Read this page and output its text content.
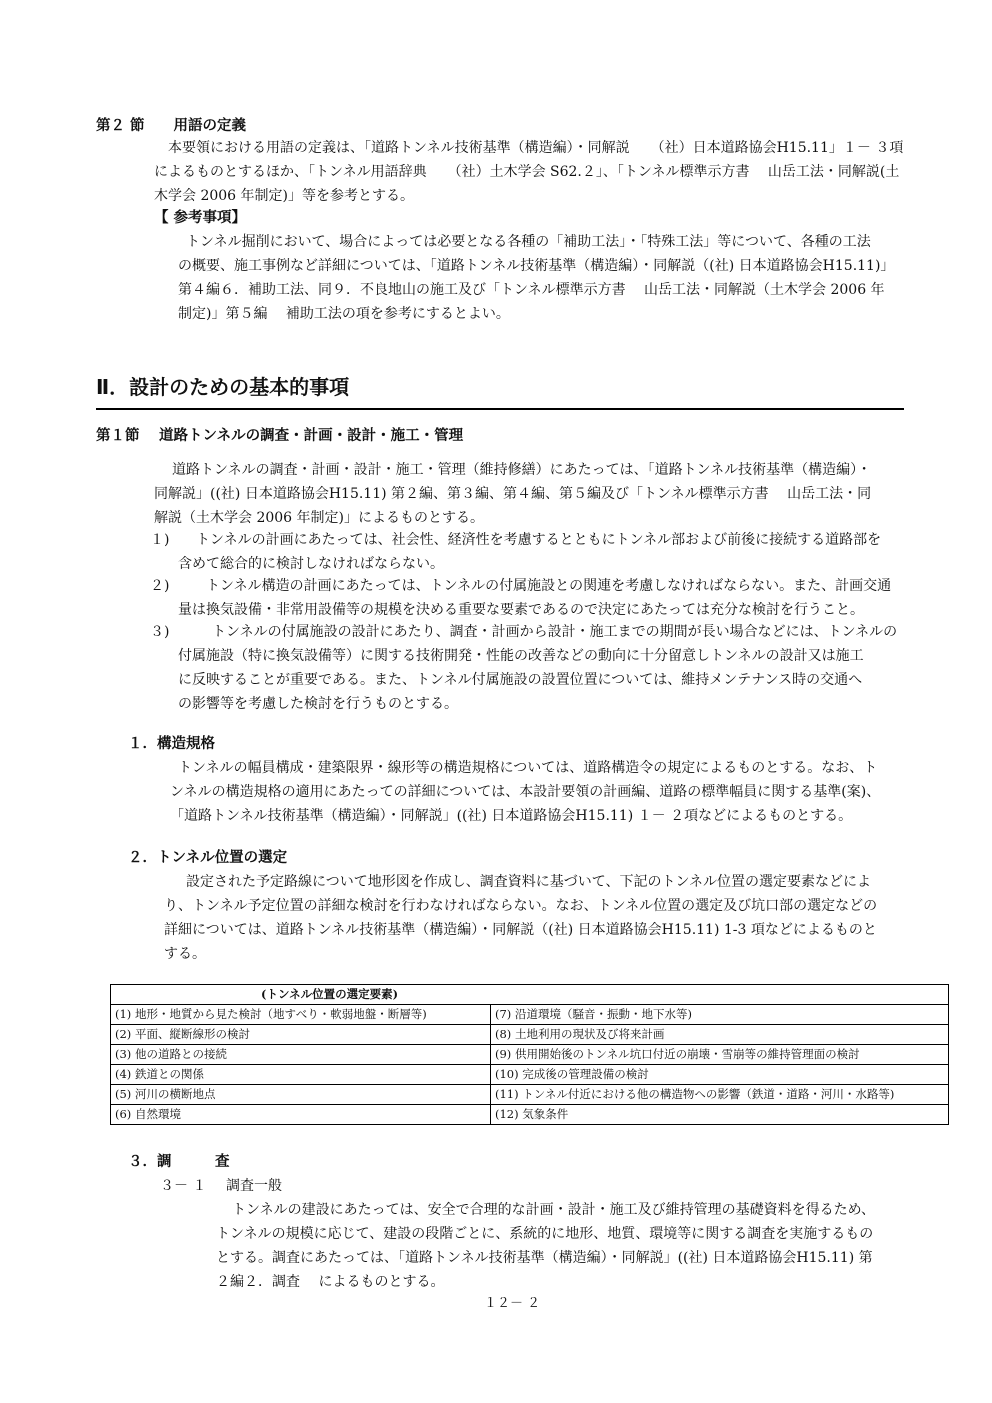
第２ 節　　用語の定義
本要領における用語の定義は、「道路トンネル技術基準（構造編）・同解説　　（社）日本道路協会H15.11」１－ ３項
によるものとするほか、「トンネル用語辞典　　（社）土木学会 S62.２」、「トンネル標準示方書　 山岳工法・同解説(土
木学会 2006 年制定)」等を参考とする。
【 参考事項】
トンネル掘削において、場合によっては必要となる各種の「補助工法」・「特殊工法」等について、各種の工法
の概要、施工事例など詳細については、「道路トンネル技術基準（構造編）・同解説（(社) 日本道路協会H15.11)」
第４編６．補助工法、同９．不良地山の施工及び「トンネル標準示方書　 山岳工法・同解説（土木学会 2006 年
制定)」第５編　 補助工法の項を参考にするとよい。
Ⅱ．設計のための基本的事項
第１節　 道路トンネルの調査・計画・設計・施工・管理
道路トンネルの調査・計画・設計・施工・管理（維持修繕）にあたっては、「道路トンネル技術基準（構造編）・
同解説」((社) 日本道路協会H15.11) 第２編、第３編、第４編、第５編及び「トンネル標準示方書　 山岳工法・同
解説（土木学会 2006 年制定)」によるものとする。
１) トンネルの計画にあたっては、社会性、経済性を考慮するとともにトンネル部および前後に接続する道路部を
含めて総合的に検討しなければならない。
２)	トンネル構造の計画にあたっては、トンネルの付属施設との関連を考慮しなければならない。また、計画交通
量は換気設備・非常用設備等の規模を決める重要な要素であるので決定にあたっては充分な検討を行うこと。
３)	トンネルの付属施設の設計にあたり、調査・計画から設計・施工までの期間が長い場合などには、トンネルの
付属施設（特に換気設備等）に関する技術開発・性能の改善などの動向に十分留意しトンネルの設計又は施工
に反映することが重要である。また、トンネル付属施設の設置位置については、維持メンテナンス時の交通へ
の影響等を考慮した検討を行うものとする。
１．構造規格
トンネルの幅員構成・建築限界・線形等の構造規格については、道路構造令の規定によるものとする。なお、ト
ンネルの構造規格の適用にあたっての詳細については、本設計要領の計画編、道路の標準幅員に関する基準(案)、
「道路トンネル技術基準（構造編）・同解説」((社) 日本道路協会H15.11) １－ ２項などによるものとする。
２．トンネル位置の選定
設定された予定路線について地形図を作成し、調査資料に基づいて、下記のトンネル位置の選定要素などによ
り、トンネル予定位置の詳細な検討を行わなければならない。なお、トンネル位置の選定及び坑口部の選定などの
詳細については、道路トンネル技術基準（構造編）・同解説（(社) 日本道路協会H15.11) 1-3 項などによるものと
する。
(トンネル位置の選定要素)	
(1) 地形・地質から見た検討（地すべり・軟弱地盤・断層等)	(7) 沿道環境（騒音・振動・地下水等)
(2) 平面、縦断線形の検討	(8) 土地利用の現状及び将来計画
(3) 他の道路との接続	(9) 供用開始後のトンネル坑口付近の崩壊・雪崩等の維持管理面の検討
(4) 鉄道との関係	(10) 完成後の管理設備の検討
(5) 河川の横断地点	(11) トンネル付近における他の構造物への影響（鉄道・道路・河川・水路等)
(6) 自然環境	(12) 気象条件
３．調　　　査
３－ １ 調査一般
トンネルの建設にあたっては、安全で合理的な計画・設計・施工及び維持管理の基礎資料を得るため、
トンネルの規模に応じて、建設の段階ごとに、系統的に地形、地質、環境等に関する調査を実施するもの
とする。調査にあたっては、「道路トンネル技術基準（構造編）・同解説」((社) 日本道路協会H15.11) 第
２編２．調査　 によるものとする。
１２－ ２
